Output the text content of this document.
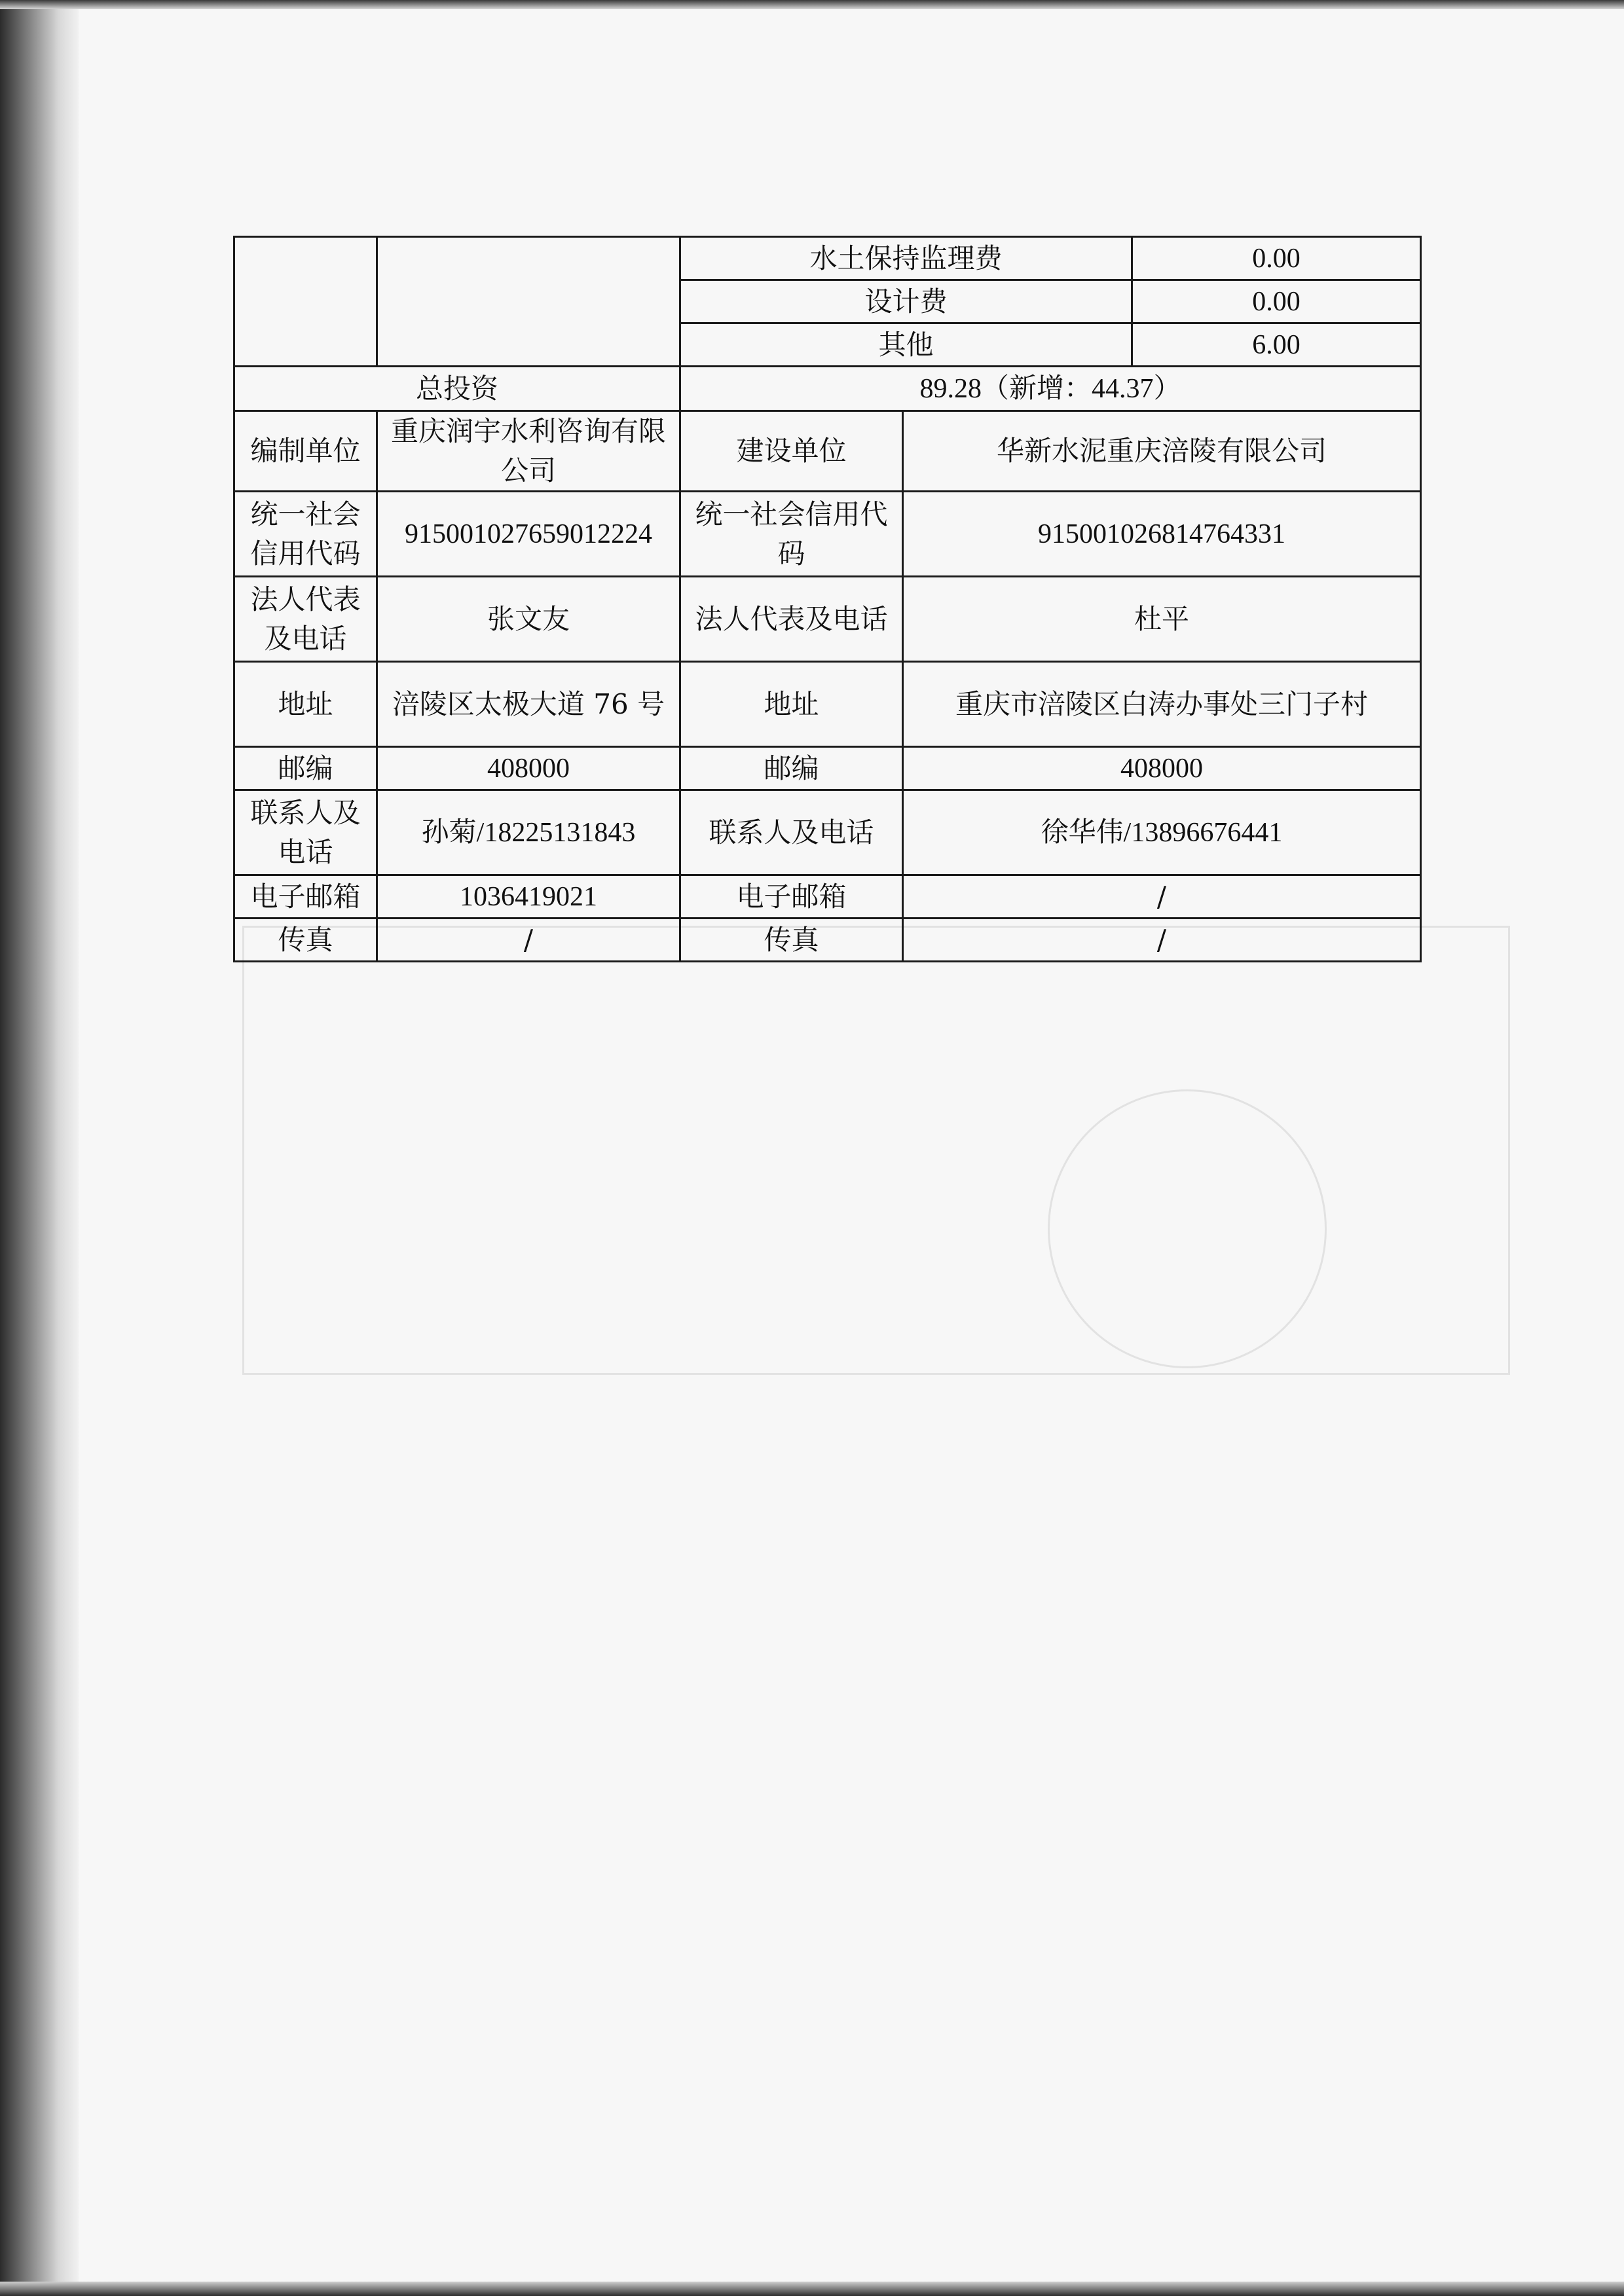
		水土保持监理费		0.00
		设计费		0.00
		其他		6.00
总投资		89.28（新增：44.37）		
编制单位	重庆润宇水利咨询有限公司	建设单位	华新水泥重庆涪陵有限公司	
统一社会信用代码	915001027659012224	统一社会信用代码	915001026814764331	
法人代表及电话	张文友	法人代表及电话	杜平	
地址	涪陵区太极大道 76 号	地址	重庆市涪陵区白涛办事处三门子村	
邮编	408000	邮编	408000	
联系人及电话	孙菊/18225131843	联系人及电话	徐华伟/13896676441	
电子邮箱	1036419021	电子邮箱	/	
传真	/	传真	/	
